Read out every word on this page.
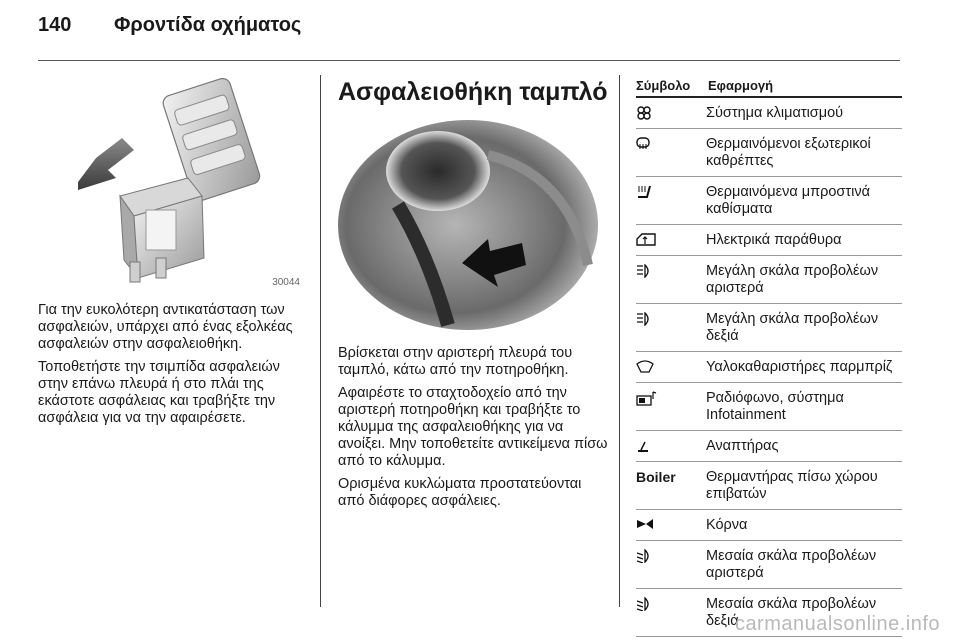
140 Φροντίδα οχήματος
30044

Για την ευκολότερη αντικατάσταση των ασφαλειών, υπάρχει από ένας εξολκέας ασφαλειών στην ασφαλειοθήκη.

Τοποθετήστε την τσιμπίδα ασφαλειών στην επάνω πλευρά ή στο πλάι της εκάστοτε ασφάλειας και τραβήξτε την ασφάλεια για να την αφαιρέσετε.

Ασφαλειοθήκη ταμπλό

Βρίσκεται στην αριστερή πλευρά του ταμπλό, κάτω από την ποτηροθήκη.

Αφαιρέστε το σταχτοδοχείο από την αριστερή ποτηροθήκη και τραβήξτε το κάλυμμα της ασφαλειοθήκης για να ανοίξει. Μην τοποθετείτε αντικείμενα πίσω από το κάλυμμα.

Ορισμένα κυκλώματα προστατεύονται από διάφορες ασφάλειες.

Σύμβολο	Εφαρμογή
Σύστημα κλιματισμού
Θερμαινόμενοι εξωτερικοί καθρέπτες
Θερμαινόμενα μπροστινά καθίσματα
Ηλεκτρικά παράθυρα
Μεγάλη σκάλα προβολέων αριστερά
Μεγάλη σκάλα προβολέων δεξιά
Υαλοκαθαριστήρες παρμπρίζ
Ραδιόφωνο, σύστημα Infotainment
Αναπτήρας
Boiler	Θερμαντήρας πίσω χώρου επιβατών
Κόρνα
Μεσαία σκάλα προβολέων αριστερά
Μεσαία σκάλα προβολέων δεξιά
carmanualsonline.info
